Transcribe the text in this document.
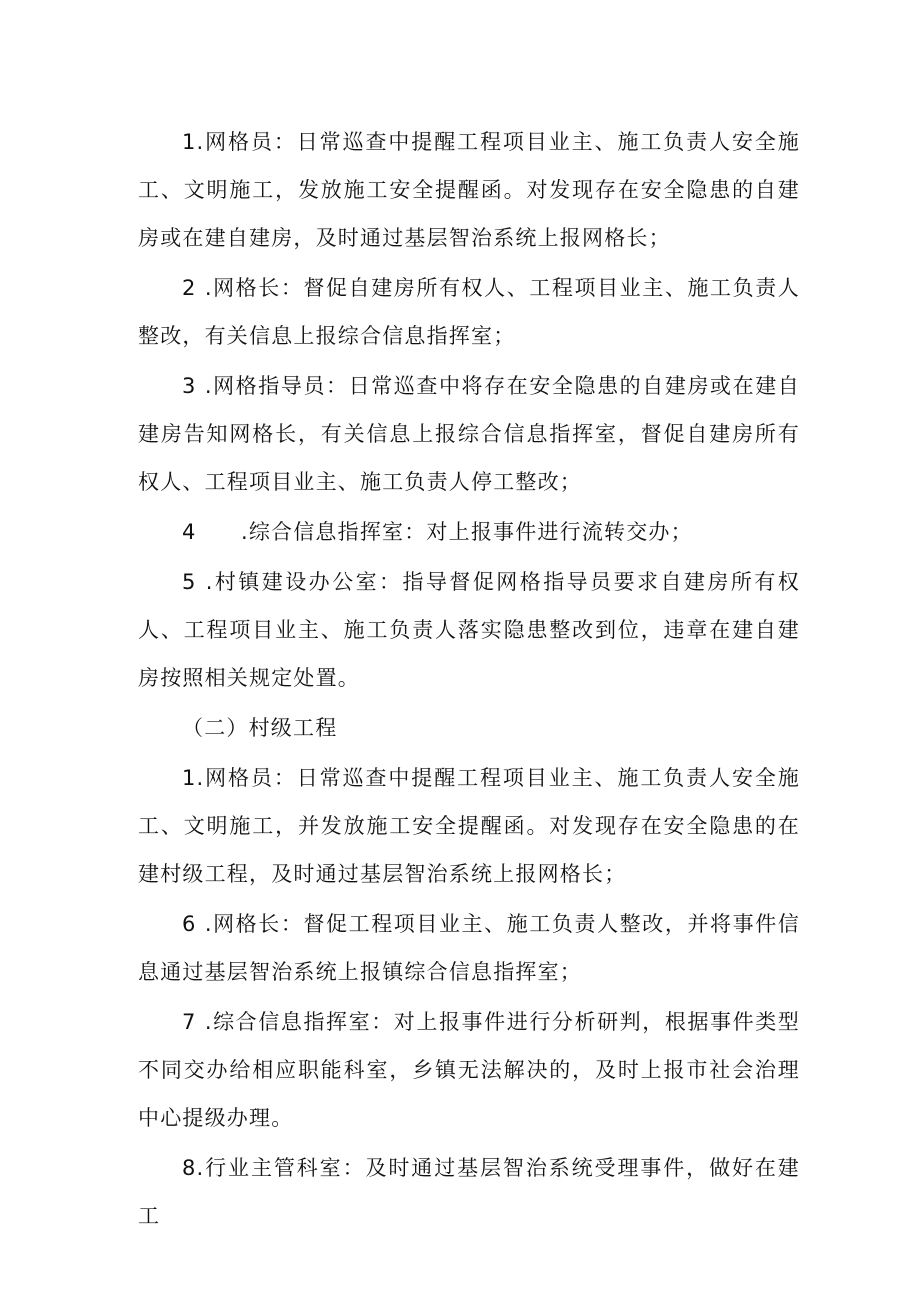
1.网格员：日常巡查中提醒工程项目业主、施工负责人安全施工、文明施工，发放施工安全提醒函。对发现存在安全隐患的自建房或在建自建房，及时通过基层智治系统上报网格长；

2 .网格长：督促自建房所有权人、工程项目业主、施工负责人整改，有关信息上报综合信息指挥室；

3 .网格指导员：日常巡查中将存在安全隐患的自建房或在建自建房告知网格长，有关信息上报综合信息指挥室，督促自建房所有权人、工程项目业主、施工负责人停工整改；

4　　.综合信息指挥室：对上报事件进行流转交办；

5 .村镇建设办公室：指导督促网格指导员要求自建房所有权人、工程项目业主、施工负责人落实隐患整改到位，违章在建自建房按照相关规定处置。

（二）村级工程

1.网格员：日常巡查中提醒工程项目业主、施工负责人安全施工、文明施工，并发放施工安全提醒函。对发现存在安全隐患的在建村级工程，及时通过基层智治系统上报网格长；

6 .网格长：督促工程项目业主、施工负责人整改，并将事件信息通过基层智治系统上报镇综合信息指挥室；

7 .综合信息指挥室：对上报事件进行分析研判，根据事件类型不同交办给相应职能科室，乡镇无法解决的，及时上报市社会治理中心提级办理。

8.行业主管科室：及时通过基层智治系统受理事件，做好在建工
